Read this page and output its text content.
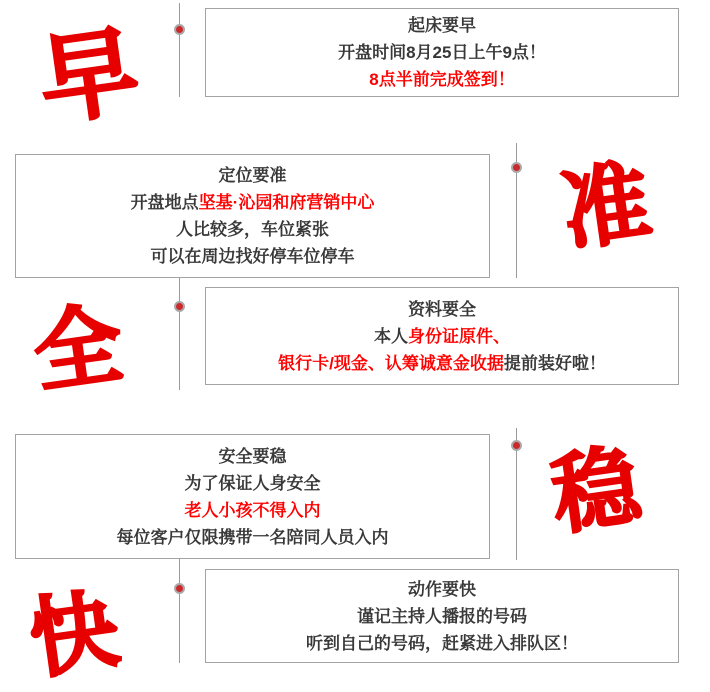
早
准
全
稳
快
起床要早
开盘时间8月25日上午9点！
8点半前完成签到！
定位要准
开盘地点坚基·沁园和府营销中心
人比较多，车位紧张
可以在周边找好停车位停车
资料要全
本人身份证原件、
银行卡/现金、认筹诚意金收据提前装好啦！
安全要稳
为了保证人身安全
老人小孩不得入内
每位客户仅限携带一名陪同人员入内
动作要快
谨记主持人播报的号码
听到自己的号码，赶紧进入排队区！
